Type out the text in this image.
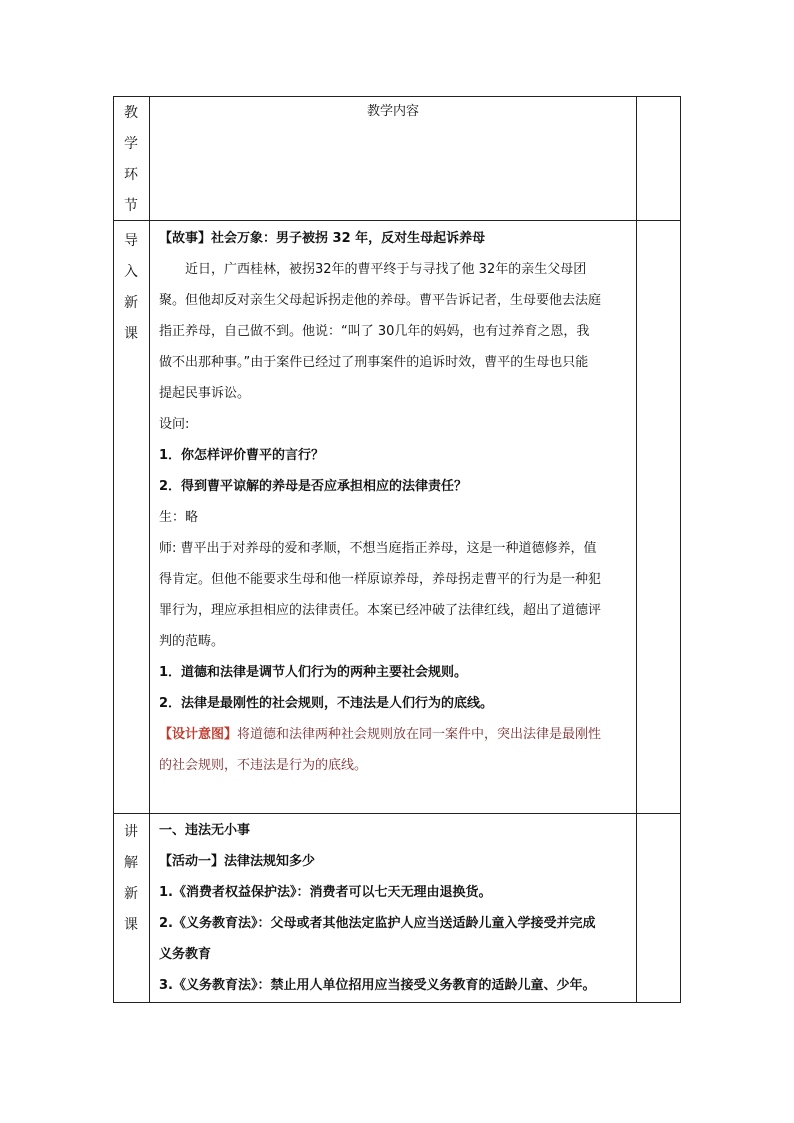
教
学
环
节
教学内容
导
入
新
课

【故事】社会万象：男子被拐 32 年，反对生母起诉养母

近日，广西桂林，被拐32年的曹平终于与寻找了他 32年的亲生父母团

聚。但他却反对亲生父母起诉拐走他的养母。曹平告诉记者，生母要他去法庭

指正养母，自己做不到。他说：“叫了 30几年的妈妈，也有过养育之恩，我

做不出那种事。”由于案件已经过了刑事案件的追诉时效，曹平的生母也只能

提起民事诉讼。

设问:

1．你怎样评价曹平的言行？

2．得到曹平谅解的养母是否应承担相应的法律责任？

生：略

师: 曹平出于对养母的爱和孝顺，不想当庭指正养母，这是一种道德修养，值

得肯定。但他不能要求生母和他一样原谅养母，养母拐走曹平的行为是一种犯

罪行为，理应承担相应的法律责任。本案已经冲破了法律红线，超出了道德评

判的范畴。

1．道德和法律是调节人们行为的两种主要社会规则。

2．法律是最刚性的社会规则，不违法是人们行为的底线。

【设计意图】将道德和法律两种社会规则放在同一案件中，突出法律是最刚性

的社会规则，不违法是行为的底线。

讲
解
新
课

一、违法无小事

【活动一】法律法规知多少

1.《消费者权益保护法》：消费者可以七天无理由退换货。

2.《义务教育法》：父母或者其他法定监护人应当送适龄儿童入学接受并完成

义务教育

3.《义务教育法》：禁止用人单位招用应当接受义务教育的适龄儿童、少年。
